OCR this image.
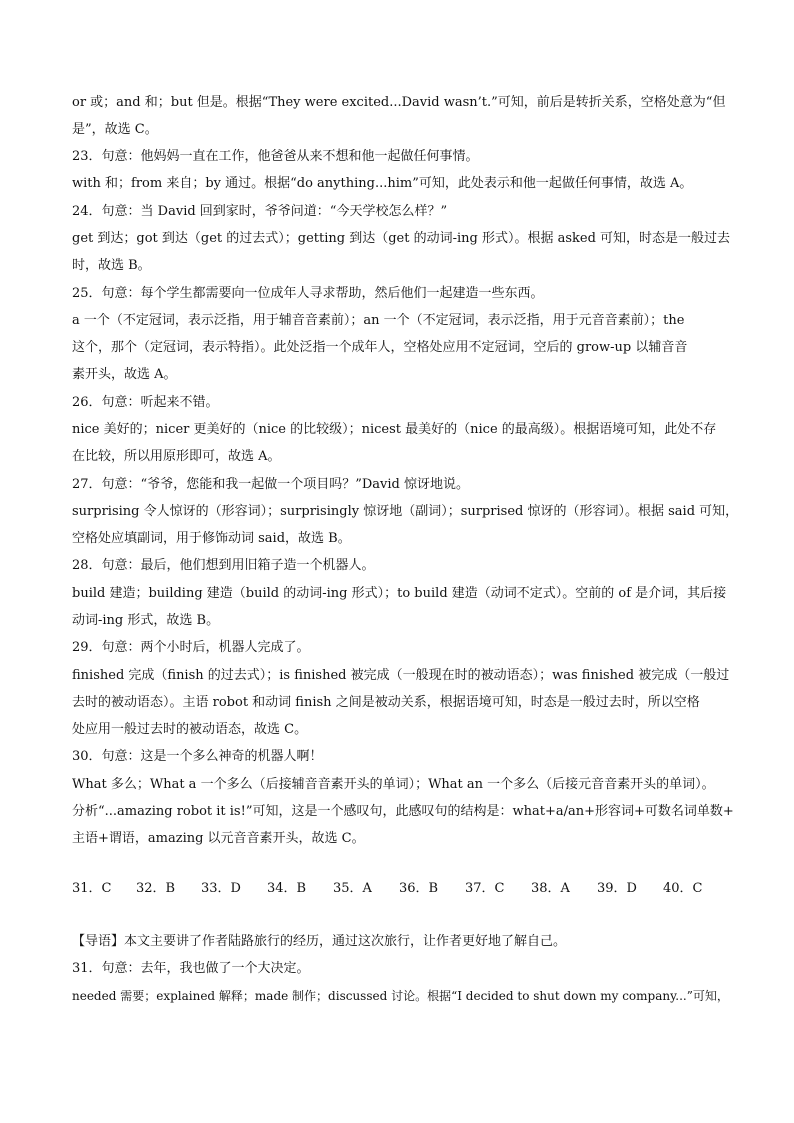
or 或；and 和；but 但是。根据“They were excited...David wasn’t.”可知，前后是转折关系，空格处意为“但
是”，故选 C。
23．句意：他妈妈一直在工作，他爸爸从来不想和他一起做任何事情。
with 和；from 来自；by 通过。根据“do anything...him”可知，此处表示和他一起做任何事情，故选 A。
24．句意：当 David 回到家时，爷爷问道：“今天学校怎么样？”
get 到达；got 到达（get 的过去式）；getting 到达（get 的动词-ing 形式）。根据 asked 可知，时态是一般过去
时，故选 B。
25．句意：每个学生都需要向一位成年人寻求帮助，然后他们一起建造一些东西。
a 一个（不定冠词，表示泛指，用于辅音音素前）；an 一个（不定冠词，表示泛指，用于元音音素前）；the
这个，那个（定冠词，表示特指）。此处泛指一个成年人，空格处应用不定冠词，空后的 grow-up 以辅音音
素开头，故选 A。
26．句意：听起来不错。
nice 美好的；nicer 更美好的（nice 的比较级）；nicest 最美好的（nice 的最高级）。根据语境可知，此处不存
在比较，所以用原形即可，故选 A。
27．句意：“爷爷，您能和我一起做一个项目吗？”David 惊讶地说。
surprising 令人惊讶的（形容词）；surprisingly 惊讶地（副词）；surprised 惊讶的（形容词）。根据 said 可知，
空格处应填副词，用于修饰动词 said，故选 B。
28．句意：最后，他们想到用旧箱子造一个机器人。
build 建造；building 建造（build 的动词-ing 形式）；to build 建造（动词不定式）。空前的 of 是介词，其后接
动词-ing 形式，故选 B。
29．句意：两个小时后，机器人完成了。
finished 完成（finish 的过去式）；is finished 被完成（一般现在时的被动语态）；was finished 被完成（一般过
去时的被动语态）。主语 robot 和动词 finish 之间是被动关系，根据语境可知，时态是一般过去时，所以空格
处应用一般过去时的被动语态，故选 C。
30．句意：这是一个多么神奇的机器人啊！
What 多么；What a 一个多么（后接辅音音素开头的单词）；What an 一个多么（后接元音音素开头的单词）。
分析“...amazing robot it is!”可知，这是一个感叹句，此感叹句的结构是：what+a/an+形容词+可数名词单数+
主语+谓语，amazing 以元音音素开头，故选 C。
31．C 32．B 33．D 34．B 35．A 36．B 37．C 38．A 39．D 40．C
【导语】本文主要讲了作者陆路旅行的经历，通过这次旅行，让作者更好地了解自己。
31．句意：去年，我也做了一个大决定。
needed 需要；explained 解释；made 制作；discussed 讨论。根据“I decided to shut down my company...”可知，
